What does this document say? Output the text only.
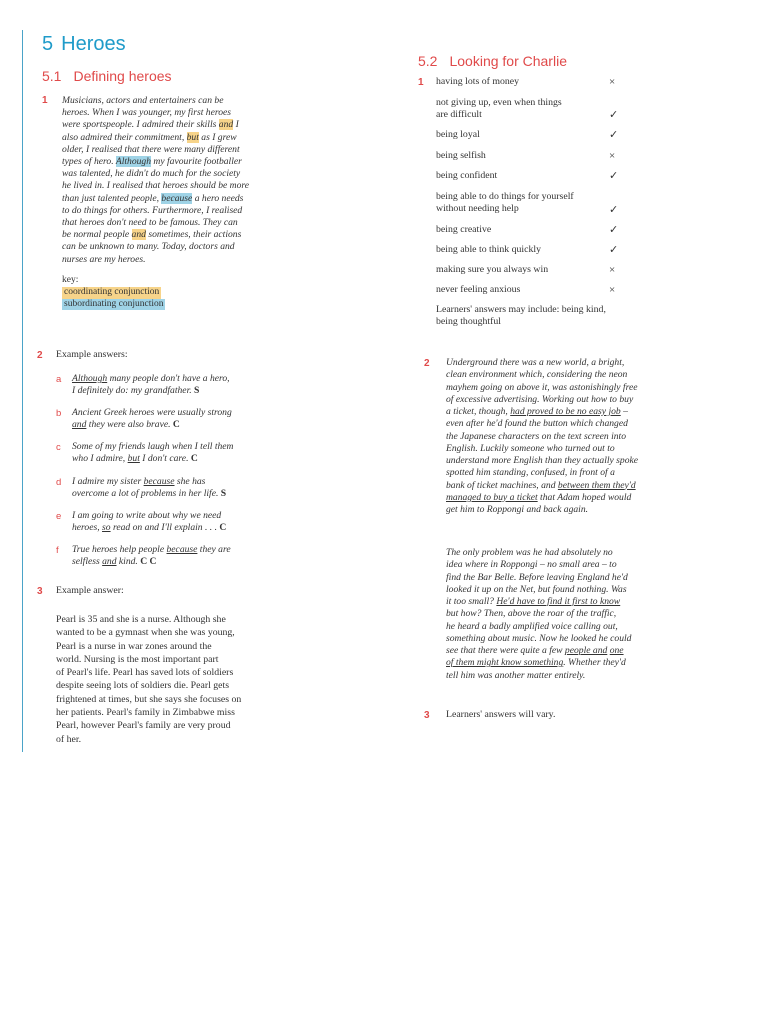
5 Heroes
5.1 Defining heroes
1 Musicians, actors and entertainers can be
heroes. When I was younger, my first heroes
were sportspeople. I admired their skills and I
also admired their commitment, but as I grew
older, I realised that there were many different
types of hero. Although my favourite footballer
was talented, he didn't do much for the society
he lived in. I realised that heroes should be more
than just talented people, because a hero needs
to do things for others. Furthermore, I realised
that heroes don't need to be famous. They can
be normal people and sometimes, their actions
can be unknown to many. Today, doctors and
nurses are my heroes.
key:
coordinating conjunction
subordinating conjunction
2 Example answers:
a Although many people don't have a hero,
I definitely do: my grandfather. S
b Ancient Greek heroes were usually strong
and they were also brave. C
c Some of my friends laugh when I tell them
who I admire, but I don't care. C
d I admire my sister because she has
overcome a lot of problems in her life. S
e I am going to write about why we need
heroes, so read on and I'll explain . . . C
f True heroes help people because they are
selfless and kind. C C
3 Example answer:
Pearl is 35 and she is a nurse. Although she
wanted to be a gymnast when she was young,
Pearl is a nurse in war zones around the
world. Nursing is the most important part
of Pearl's life. Pearl has saved lots of soldiers
despite seeing lots of soldiers die. Pearl gets
frightened at times, but she says she focuses on
her patients. Pearl's family in Zimbabwe miss
Pearl, however Pearl's family are very proud
of her.
5.2 Looking for Charlie
1 having lots of money	×
not giving up, even when things
are difficult	✓
being loyal	✓
being selfish	×
being confident	✓
being able to do things for yourself
without needing help	✓
being creative	✓
being able to think quickly	✓
making sure you always win	×
never feeling anxious	×
Learners' answers may include: being kind,
being thoughtful
2 Underground there was a new world, a bright,
clean environment which, considering the neon
mayhem going on above it, was astonishingly free
of excessive advertising. Working out how to buy
a ticket, though, had proved to be no easy job –
even after he'd found the button which changed
the Japanese characters on the text screen into
English. Luckily someone who turned out to
understand more English than they actually spoke
spotted him standing, confused, in front of a
bank of ticket machines, and between them they'd
managed to buy a ticket that Adam hoped would
get him to Roppongi and back again.
The only problem was he had absolutely no
idea where in Roppongi – no small area – to
find the Bar Belle. Before leaving England he'd
looked it up on the Net, but found nothing. Was
it too small? He'd have to find it first to know
but how? Then, above the roar of the traffic,
he heard a badly amplified voice calling out,
something about music. Now he looked he could
see that there were quite a few people and one
of them might know something. Whether they'd
tell him was another matter entirely.
3 Learners' answers will vary.
